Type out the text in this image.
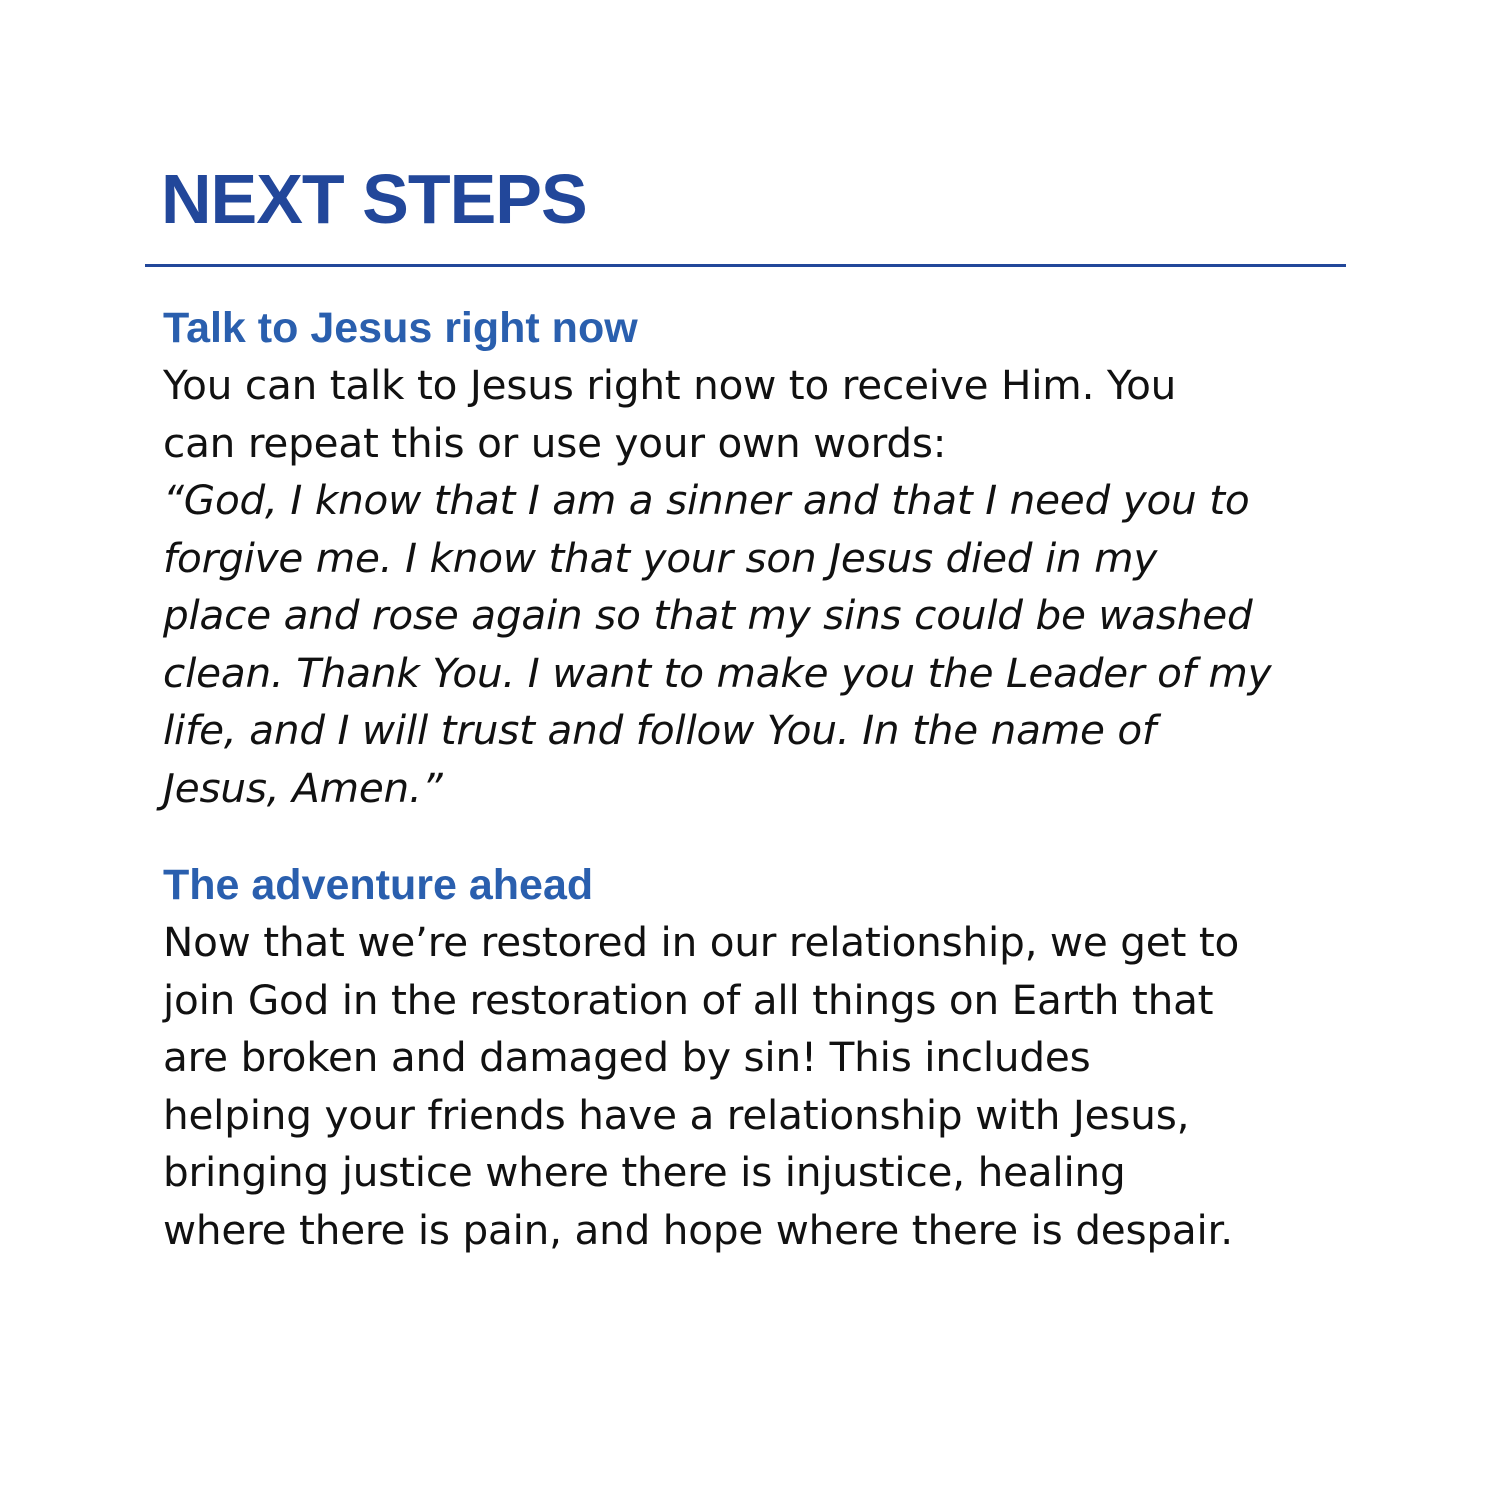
NEXT STEPS
Talk to Jesus right now

You can talk to Jesus right now to receive Him. You
can repeat this or use your own words:

“God, I know that I am a sinner and that I need you to
forgive me. I know that your son Jesus died in my
place and rose again so that my sins could be washed
clean. Thank You. I want to make you the Leader of my
life, and I will trust and follow You. In the name of
Jesus, Amen.”

The adventure ahead

Now that we’re restored in our relationship, we get to
join God in the restoration of all things on Earth that
are broken and damaged by sin! This includes
helping your friends have a relationship with Jesus,
bringing justice where there is injustice, healing
where there is pain, and hope where there is despair.
